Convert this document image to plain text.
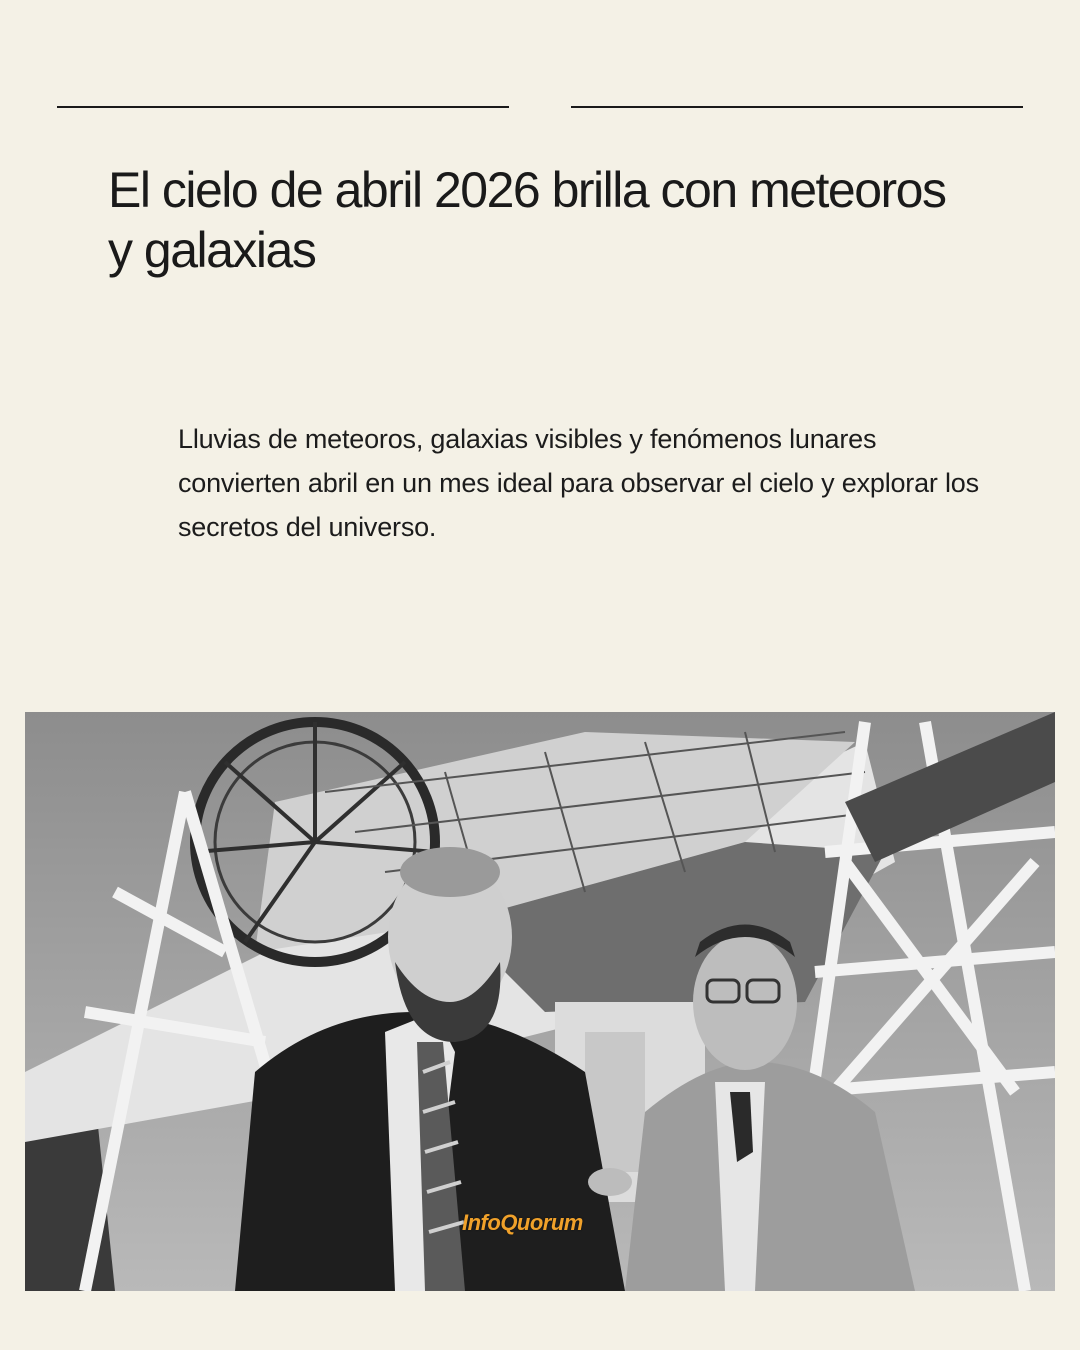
El cielo de abril 2026 brilla con meteoros y galaxias

Lluvias de meteoros, galaxias visibles y fenómenos lunares convierten abril en un mes ideal para observar el cielo y explorar los secretos del universo.

InfoQuorum
